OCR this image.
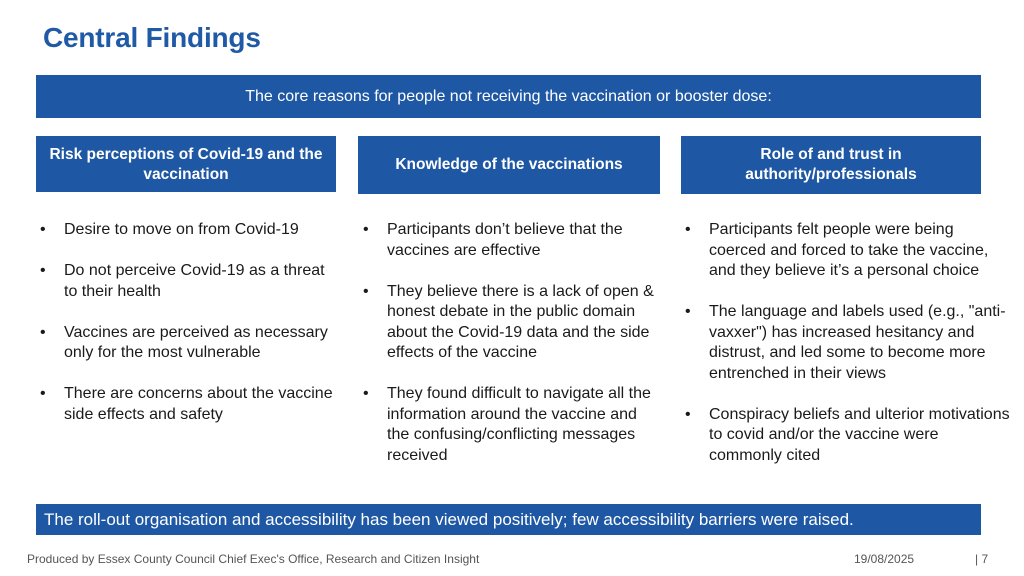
Central Findings
The core reasons for people not receiving the vaccination or booster dose:
Risk perceptions of Covid-19 and the vaccination
Knowledge of the vaccinations
Role of and trust in authority/professionals
• Desire to move on from Covid-19
• Do not perceive Covid-19 as a threat to their health
• Vaccines are perceived as necessary only for the most vulnerable
• There are concerns about the vaccine side effects and safety
• Participants don’t believe that the vaccines are effective
• They believe there is a lack of open & honest debate in the public domain about the Covid-19 data and the side effects of the vaccine
• They found difficult to navigate all the information around the vaccine and the confusing/conflicting messages received
• Participants felt people were being coerced and forced to take the vaccine, and they believe it’s a personal choice
• The language and labels used (e.g., "anti-vaxxer") has increased hesitancy and distrust, and led some to become more entrenched in their views
• Conspiracy beliefs and ulterior motivations to covid and/or the vaccine were commonly cited
The roll-out organisation and accessibility has been viewed positively; few accessibility barriers were raised.
Produced by Essex County Council Chief Exec's Office, Research and Citizen Insight	19/08/2025	| 7
